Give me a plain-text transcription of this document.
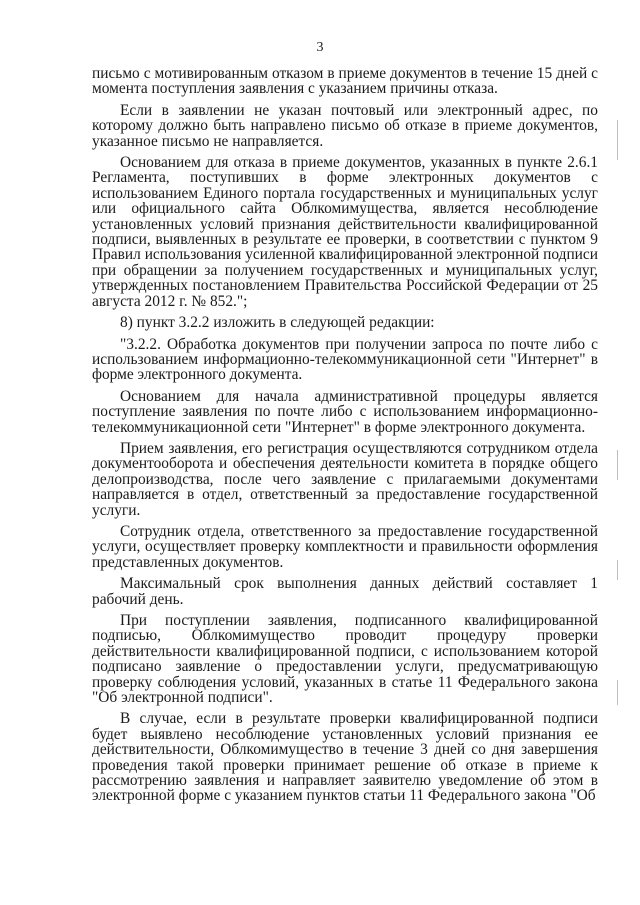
3

письмо с мотивированным отказом в приеме документов в течение 15 дней с момента поступления заявления с указанием причины отказа.

Если в заявлении не указан почтовый или электронный адрес, по которому должно быть направлено письмо об отказе в приеме документов, указанное письмо не направляется.

Основанием для отказа в приеме документов, указанных в пункте 2.6.1 Регламента, поступивших в форме электронных документов с использованием Единого портала государственных и муниципальных услуг или официального сайта Облкомимущества, является несоблюдение установленных условий признания действительности квалифицированной подписи, выявленных в результате ее проверки, в соответствии с пунктом 9 Правил использования усиленной квалифицированной электронной подписи при обращении за получением государственных и муниципальных услуг, утвержденных постановлением Правительства Российской Федерации от 25 августа 2012 г. № 852.";

8) пункт 3.2.2 изложить в следующей редакции:

"3.2.2. Обработка документов при получении запроса по почте либо с использованием информационно-телекоммуникационной сети "Интернет" в форме электронного документа.

Основанием для начала административной процедуры является поступление заявления по почте либо с использованием информационно-телекоммуникационной сети "Интернет" в форме электронного документа.

Прием заявления, его регистрация осуществляются сотрудником отдела документооборота и обеспечения деятельности комитета в порядке общего делопроизводства, после чего заявление с прилагаемыми документами направляется в отдел, ответственный за предоставление государственной услуги.

Сотрудник отдела, ответственного за предоставление государственной услуги, осуществляет проверку комплектности и правильности оформления представленных документов.

Максимальный срок выполнения данных действий составляет 1 рабочий день.

При поступлении заявления, подписанного квалифицированной подписью, Облкомимущество проводит процедуру проверки действительности квалифицированной подписи, с использованием которой подписано заявление о предоставлении услуги, предусматривающую проверку соблюдения условий, указанных в статье 11 Федерального закона "Об электронной подписи".

В случае, если в результате проверки квалифицированной подписи будет выявлено несоблюдение установленных условий признания ее действительности, Облкомимущество в течение 3 дней со дня завершения проведения такой проверки принимает решение об отказе в приеме к рассмотрению заявления и направляет заявителю уведомление об этом в электронной форме с указанием пунктов статьи 11 Федерального закона "Об
